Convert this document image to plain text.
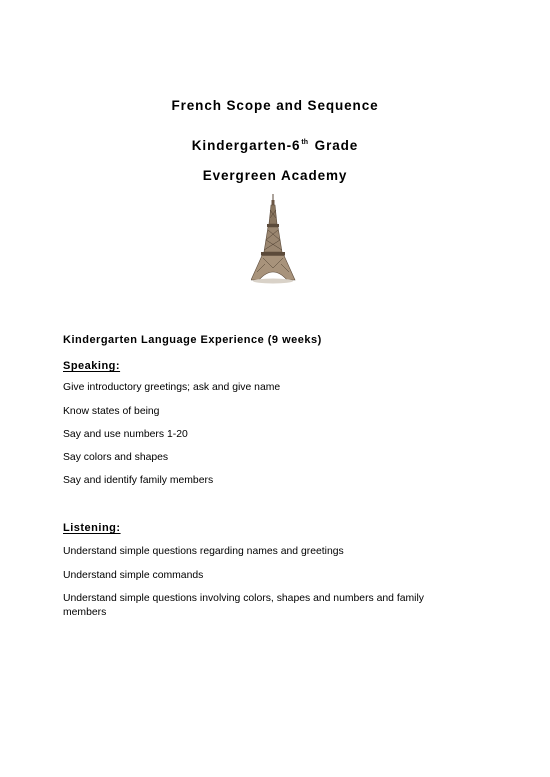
French Scope and Sequence
Kindergarten-6th Grade
Evergreen Academy
Kindergarten Language Experience (9 weeks)
Speaking:
Give introductory greetings; ask and give name
Know states of being
Say and use numbers 1-20
Say colors and shapes
Say and identify family members
Listening:
Understand simple questions regarding names and greetings
Understand simple commands
Understand simple questions involving colors, shapes and numbers and family members
